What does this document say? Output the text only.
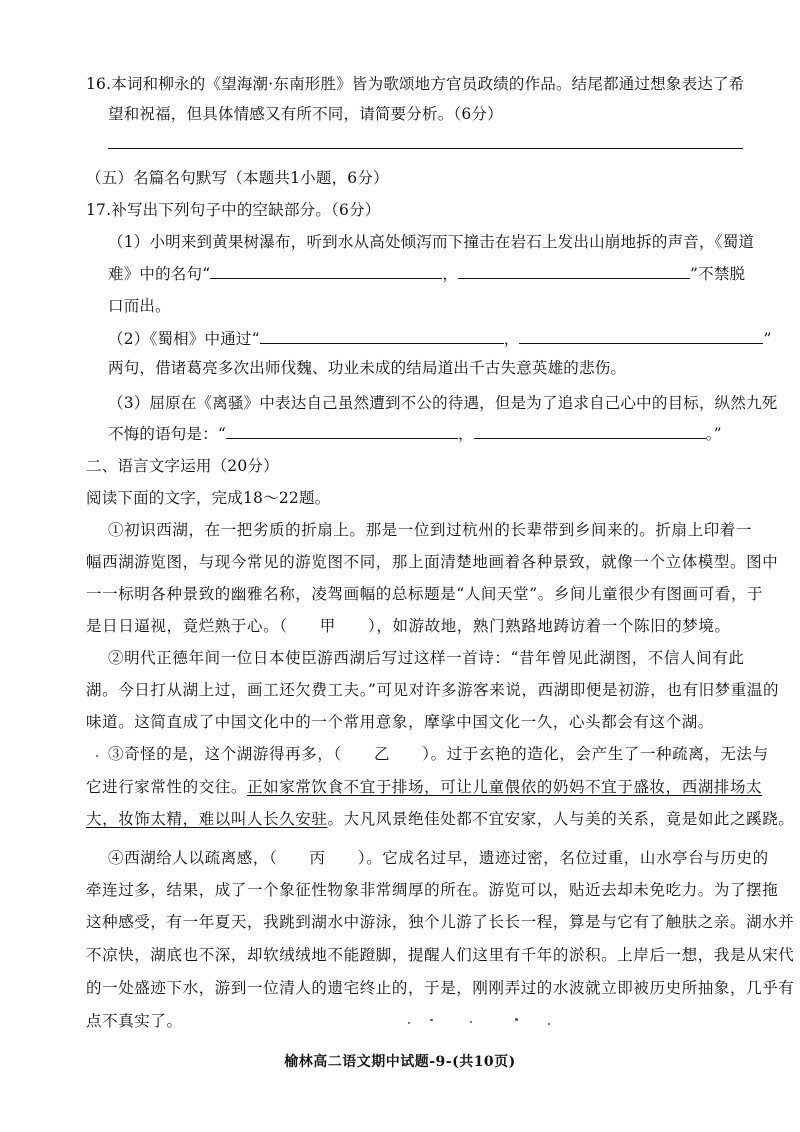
16.本词和柳永的《望海潮·东南形胜》皆为歌颂地方官员政绩的作品。结尾都通过想象表达了希
望和祝福，但具体情感又有所不同，请简要分析。（6分）
（五）名篇名句默写（本题共1小题，6分）
17.补写出下列句子中的空缺部分。（6分）
（1）小明来到黄果树瀑布，听到水从高处倾泻而下撞击在岩石上发出山崩地拆的声音，《蜀道
难》中的名句“	，	”不禁脱
口而出。
（2）《蜀相》中通过“	，	”
两句，借诸葛亮多次出师伐魏、功业未成的结局道出千古失意英雄的悲伤。
（3）屈原在《离骚》中表达自己虽然遭到不公的待遇，但是为了追求自己心中的目标，纵然九死
不悔的语句是：“	，	。”
二、语言文字运用（20分）
阅读下面的文字，完成18～22题。
①初识西湖，在一把劣质的折扇上。那是一位到过杭州的长辈带到乡间来的。折扇上印着一
幅西湖游览图，与现今常见的游览图不同，那上面清楚地画着各种景致，就像一个立体模型。图中
一一标明各种景致的幽雅名称，凌驾画幅的总标题是“人间天堂”。乡间儿童很少有图画可看，于
是日日逼视，竟烂熟于心。（　　甲　　），如游故地，熟门熟路地踌访着一个陈旧的梦境。
②明代正德年间一位日本使臣游西湖后写过这样一首诗：“昔年曾见此湖图，不信人间有此
湖。今日打从湖上过，画工还欠费工夫。”可见对许多游客来说，西湖即便是初游，也有旧梦重温的
味道。这简直成了中国文化中的一个常用意象，摩挲中国文化一久，心头都会有这个湖。
③奇怪的是，这个湖游得再多，（　　乙　　）。过于玄艳的造化，会产生了一种疏离，无法与
它进行家常性的交往。正如家常饮食不宜于排场，可让儿童偎依的奶妈不宜于盛妆，西湖排场太
大，妆饰太精，难以叫人长久安驻。大凡风景绝佳处都不宜安家，人与美的关系，竟是如此之蹊跷。
④西湖给人以疏离感，（　　丙　　）。它成名过早，遗迹过密，名位过重，山水亭台与历史的
牵连过多，结果，成了一个象征性物象非常绸厚的所在。游览可以，贴近去却未免吃力。为了摆拖
这种感受，有一年夏天，我跳到湖水中游泳，独个儿游了长长一程，算是与它有了触肤之亲。湖水并
不凉快，湖底也不深，却软绒绒地不能蹬脚，提醒人们这里有千年的淤积。上岸后一想，我是从宋代
的一处盛迹下水，游到一位清人的遗宅终止的，于是，刚刚弄过的水波就立即被历史所抽象，几乎有
点不真实了。
榆林高二语文期中试题-9-(共10页)
